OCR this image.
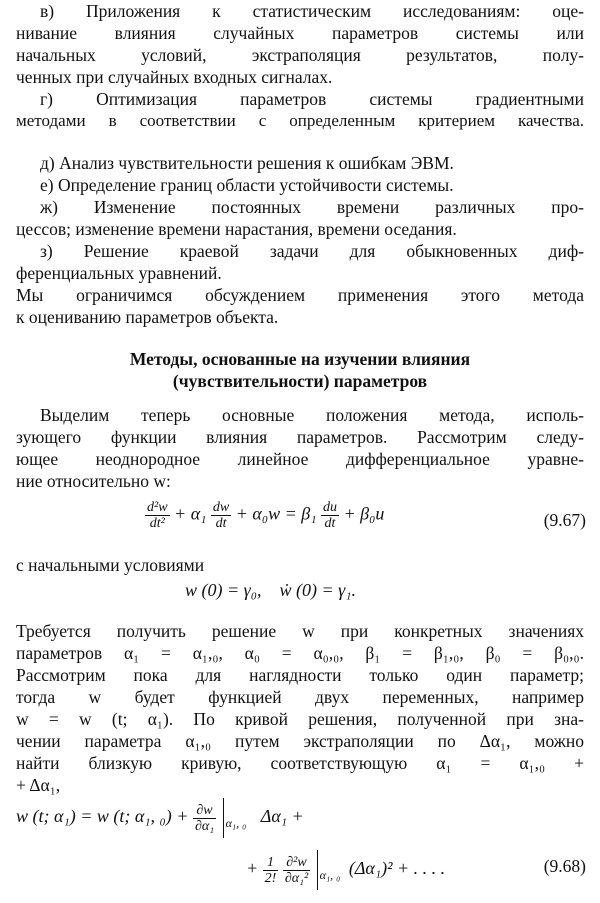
в) Приложения к статистическим исследованиям: оце-
нивание влияния случайных параметров системы или
начальных условий, экстраполяция результатов, полу-
ченных при случайных входных сигналах.
г) Оптимизация параметров системы градиентными
методами в соответствии с определенным критерием качества.
д) Анализ чувствительности решения к ошибкам ЭВМ.
е) Определение границ области устойчивости системы.
ж) Изменение постоянных времени различных про-
цессов; изменение времени нарастания, времени оседания.
з) Решение краевой задачи для обыкновенных диф-
ференциальных уравнений.
Мы ограничимся обсуждением применения этого метода
к оцениванию параметров объекта.
Методы, основанные на изучении влияния
(чувствительности) параметров
Выделим теперь основные положения метода, исполь-
зующего функции влияния параметров. Рассмотрим следу-
ющее неоднородное линейное дифференциальное уравне-
ние относительно w:
$\frac{\text{d²w}}{\text{dt²}} + \alpha_1 \frac{dw}{dt} + \alpha_0w = \beta_1 \frac{du}{dt} + \beta_0u$	(9.67)
с начальными условиями
w (0) = γ₀,    ẇ (0) = γ₁.
Требуется получить решение w при конкретных значениях
параметров α₁ = α₁,₀, α₀ = α₀,₀, β₁ = β₁,₀, β₀ = β₀,₀.
Рассмотрим пока для наглядности только один параметр;
тогда w будет функцией двух переменных, например
w = w (t; α₁). По кривой решения, полученной при зна-
чении параметра α₁,₀ путем экстраполяции по Δα₁, можно
найти близкую кривую, соответствующую α₁ = α₁,₀ +
+ Δα₁,
w (t; α₁) = w (t; α₁, $_0) + \frac{\partial w}{\text{∂α₁}} _{\alpha_1, _0}$ Δα₁ +
+ $\frac{1}{2!}$
$\frac{\text{∂²w}}{\text{∂α₁²}} _{\alpha_1, _0}$ (Δα₁)² + . . . .	(9.68)
